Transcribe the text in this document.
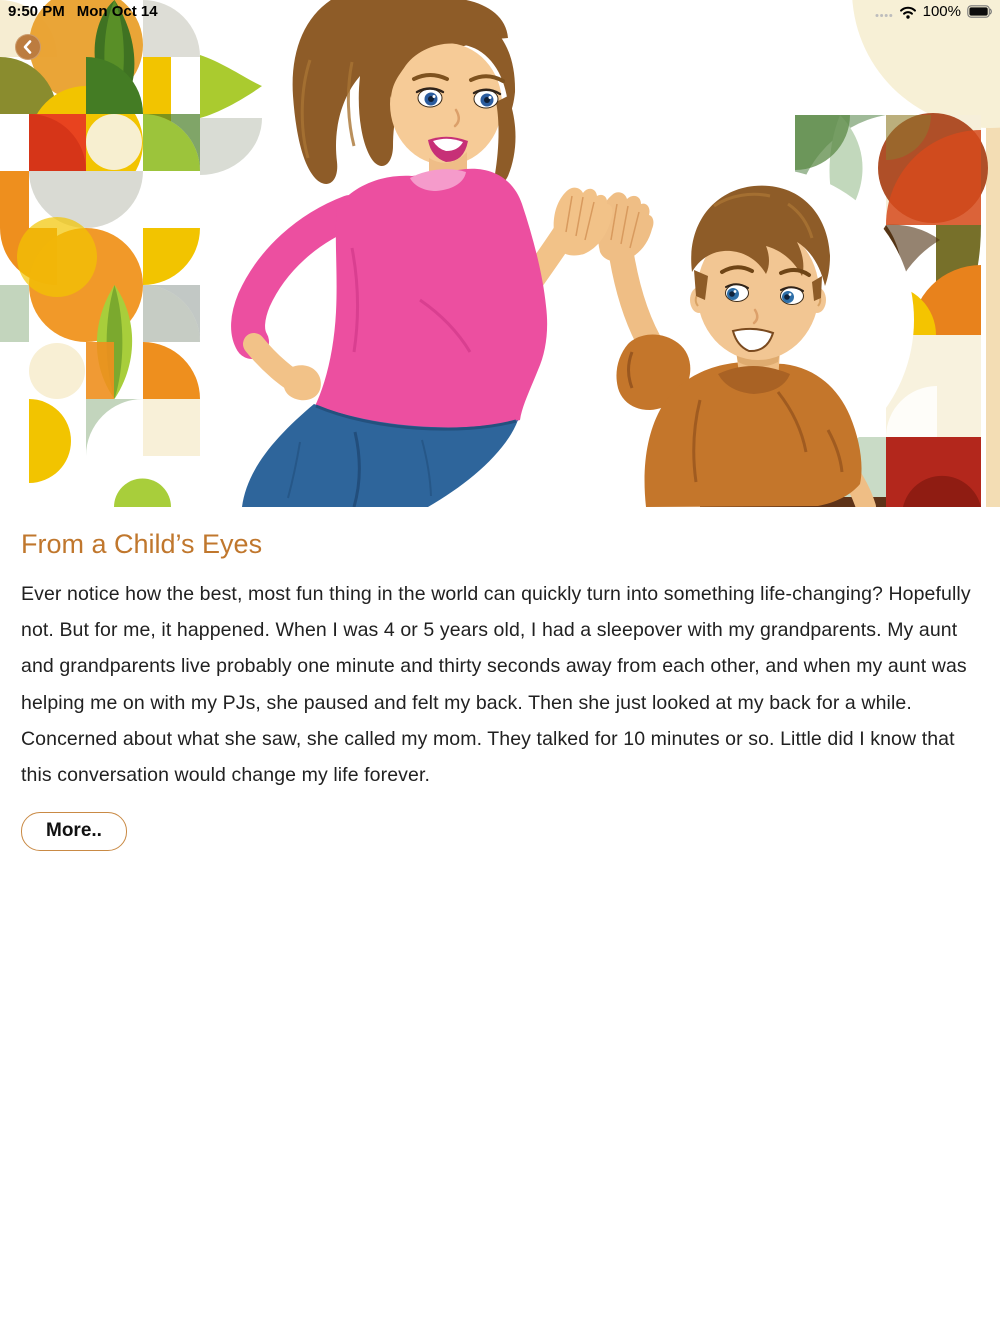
9:50 PM Mon Oct 14	100%
From a Child’s Eyes

Ever notice how the best, most fun thing in the world can quickly turn into something life-changing? Hopefully not. But for me, it happened. When I was 4 or 5 years old, I had a sleepover with my grandparents. My aunt and grandparents live probably one minute and thirty seconds away from each other, and when my aunt was helping me on with my PJs, she paused and felt my back. Then she just looked at my back for a while. Concerned about what she saw, she called my mom. They talked for 10 minutes or so. Little did I know that this conversation would change my life forever.

More..
